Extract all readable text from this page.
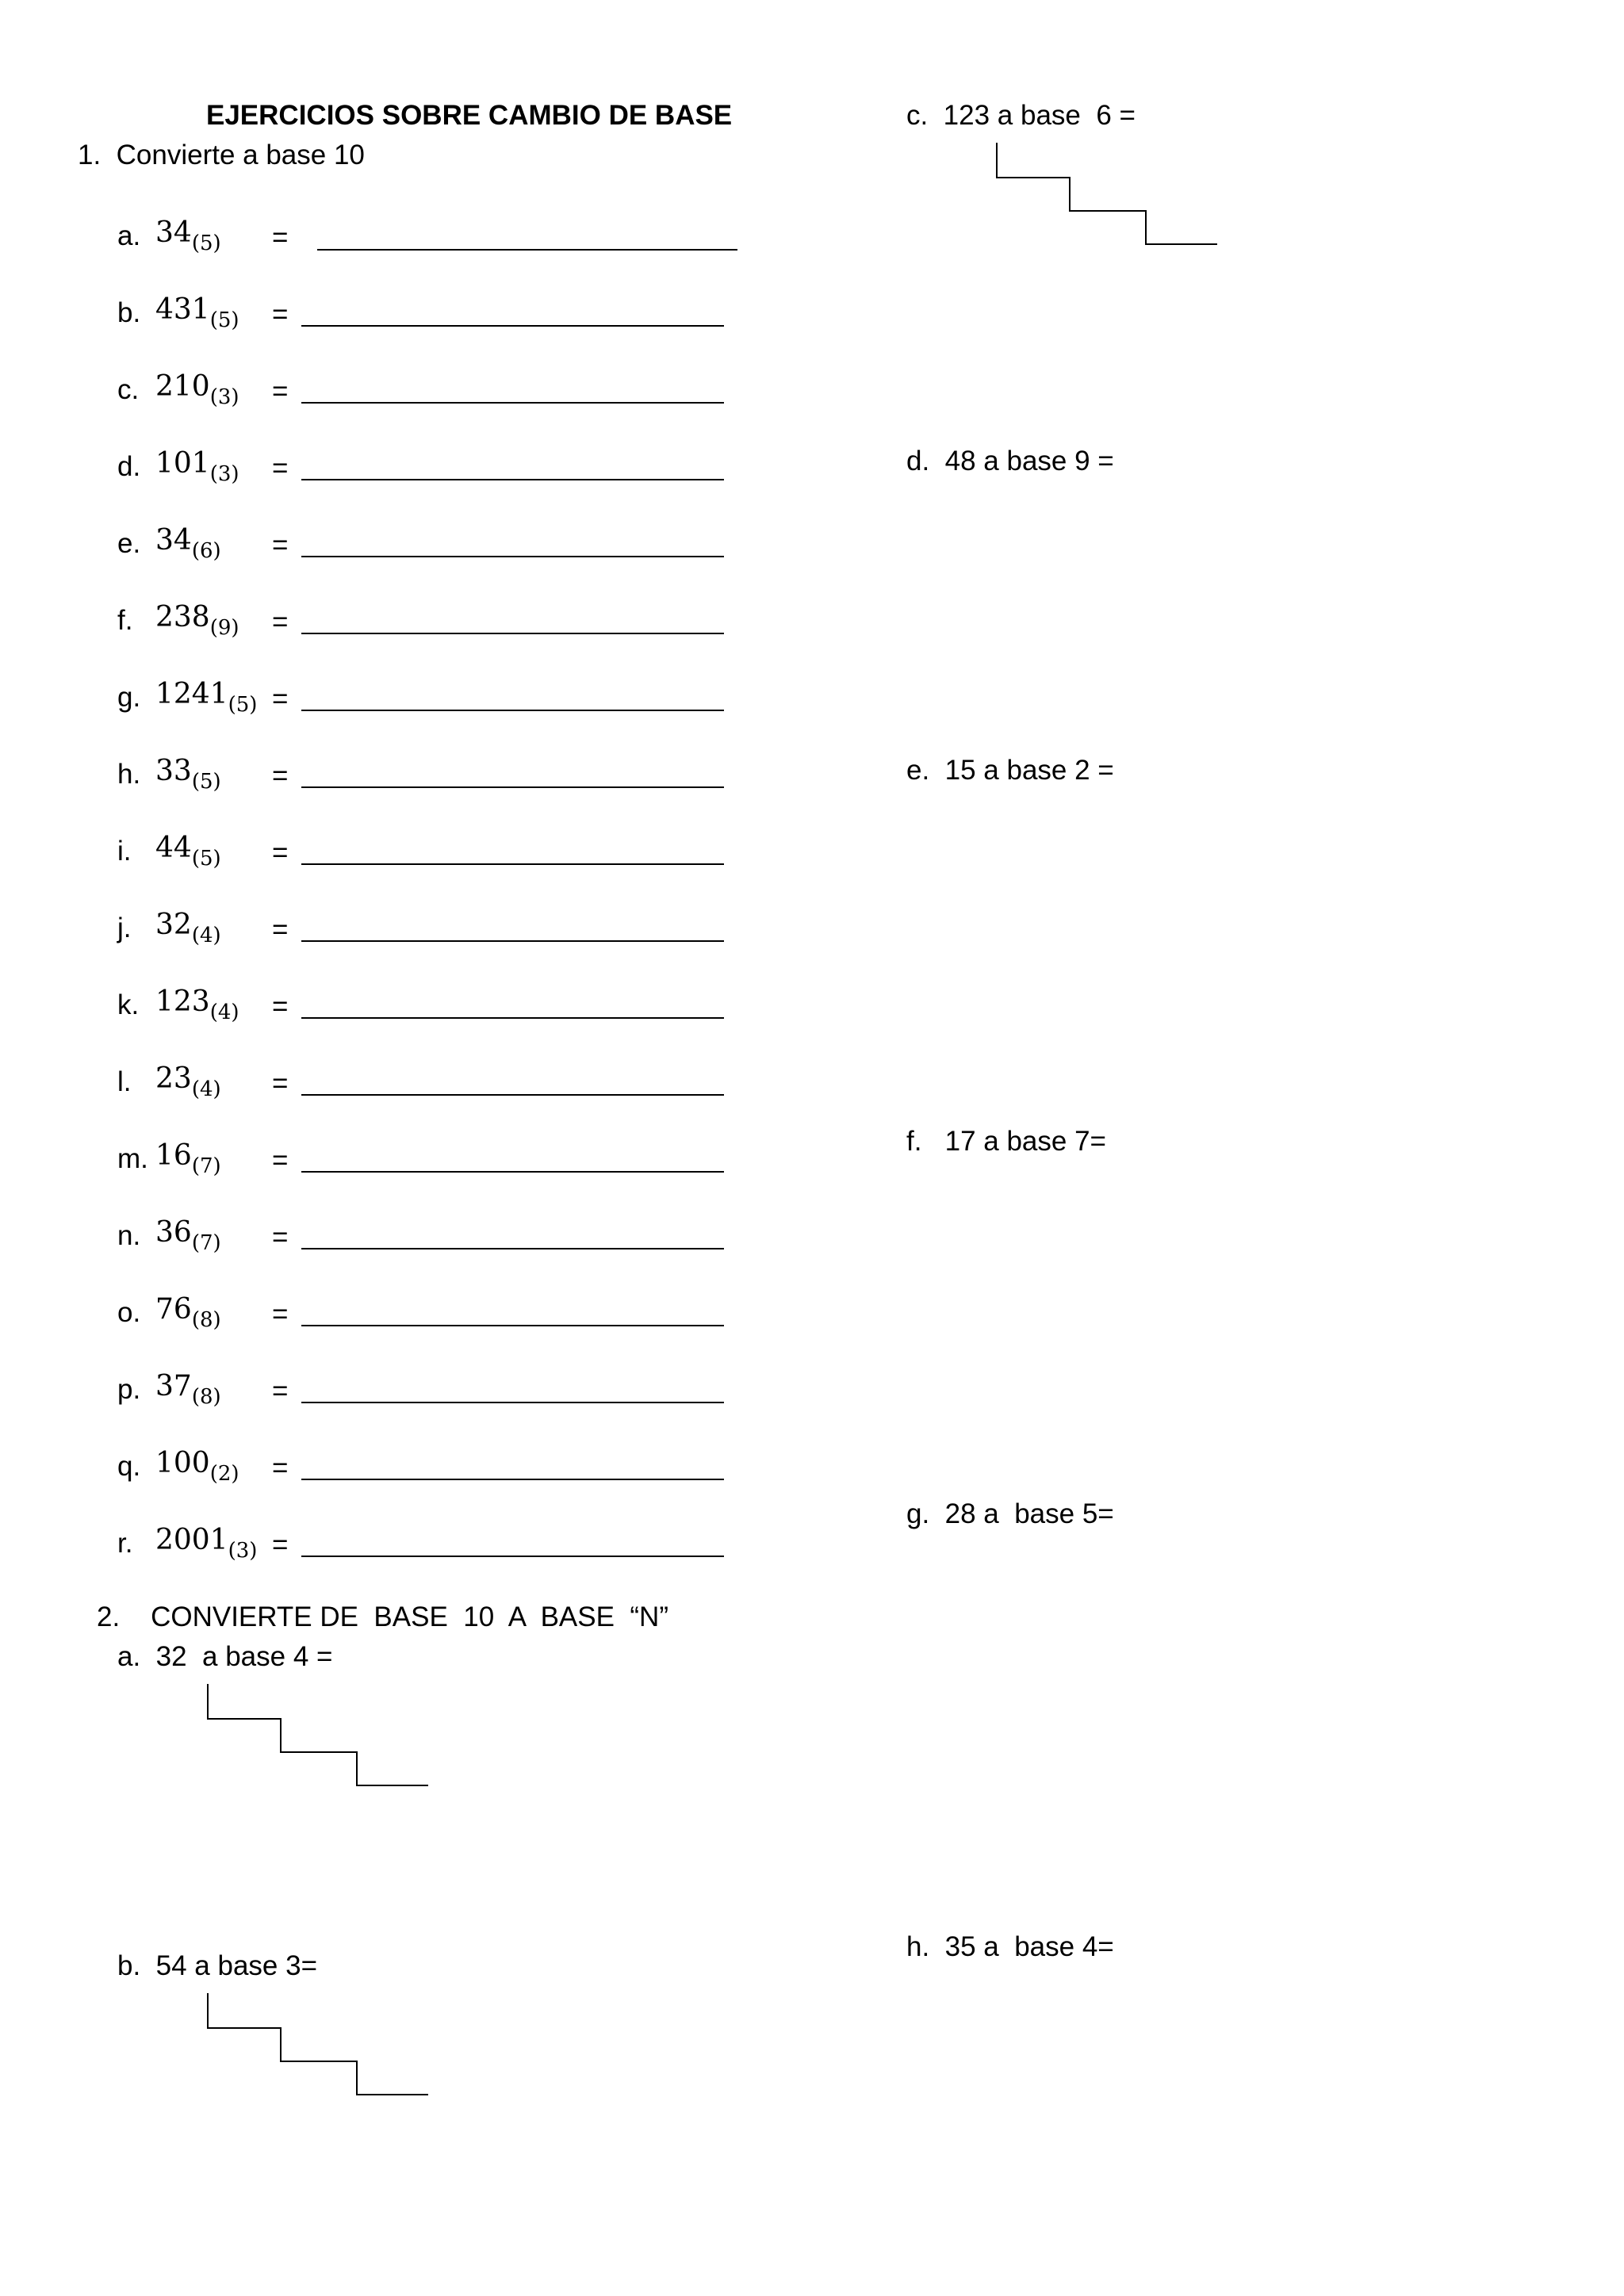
EJERCICIOS SOBRE CAMBIO DE BASE
1.  Convierte a base 10
a. $34_{(5)}$ =
b. $431_{(5)}$ =
c. $210_{(3)}$ =
d. $101_{(3)}$ =
e. $34_{(6)}$ =
f. $238_{(9)}$ =
g. $1241_{(5)}$ =
h. $33_{(5)}$ =
i. $44_{(5)}$ =
j. $32_{(4)}$ =
k. $123_{(4)}$ =
l. $23_{(4)}$ =
m. $16_{(7)}$ =
n. $36_{(7)}$ =
o. $76_{(8)}$ =
p. $37_{(8)}$ =
q. $100_{(2)}$ =
r. $2001_{(3)}$ =
2.    CONVIERTE DE  BASE  10  A  BASE  “N”
a.  32  a base 4 =
b.  54 a base 3=
c.  123 a base  6 =
d.  48 a base 9 =
e.  15 a base 2 =
f.   17 a base 7=
g.  28 a  base 5=
h.  35 a  base 4=
